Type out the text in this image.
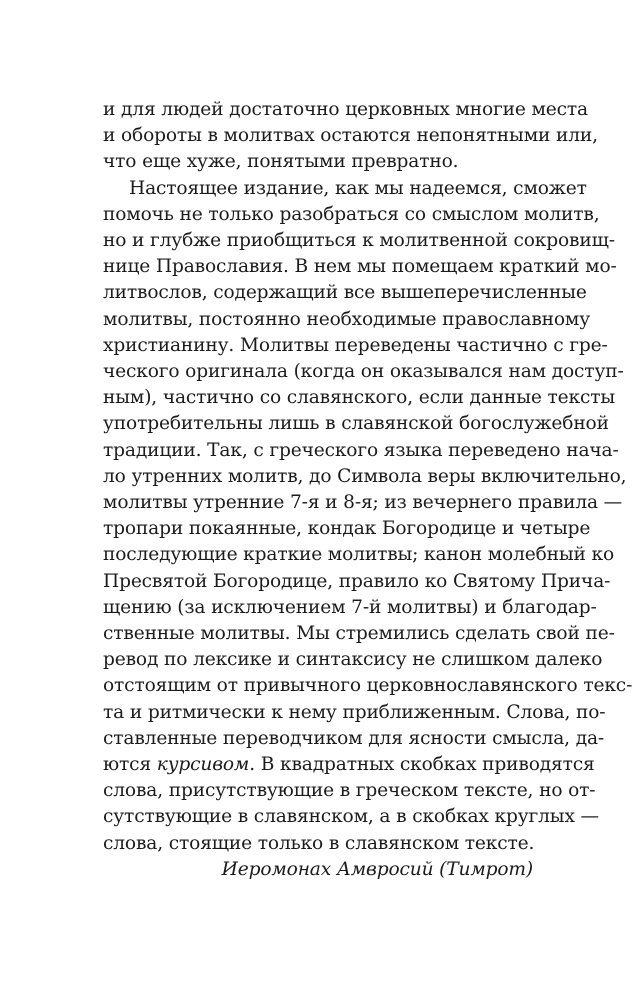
и для людей достаточно церковных многие места
и обороты в молитвах остаются непонятными или,
что еще хуже, понятыми превратно.
Настоящее издание, как мы надеемся, сможет
помочь не только разобраться со смыслом молитв,
но и глубже приобщиться к молитвенной сокровищ-
нице Православия. В нем мы помещаем краткий мо-
литвослов, содержащий все вышеперечисленные
молитвы, постоянно необходимые православному
христианину. Молитвы переведены частично с гре-
ческого оригинала (когда он оказывался нам доступ-
ным), частично со славянского, если данные тексты
употребительны лишь в славянской богослужебной
традиции. Так, с греческого языка переведено нача-
ло утренних молитв, до Символа веры включительно,
молитвы утренние 7-я и 8-я; из вечернего правила —
тропари покаянные, кондак Богородице и четыре
последующие краткие молитвы; канон молебный ко
Пресвятой Богородице, правило ко Святому Прича-
щению (за исключением 7-й молитвы) и благодар-
ственные молитвы. Мы стремились сделать свой пе-
ревод по лексике и синтаксису не слишком далеко
отстоящим от привычного церковнославянского текс-
та и ритмически к нему приближенным. Слова, по-
ставленные переводчиком для ясности смысла, да-
ются курсивом. В квадратных скобках приводятся
слова, присутствующие в греческом тексте, но от-
сутствующие в славянском, а в скобках круглых —
слова, стоящие только в славянском тексте.
Иеромонах Амвросий (Тимрот)
